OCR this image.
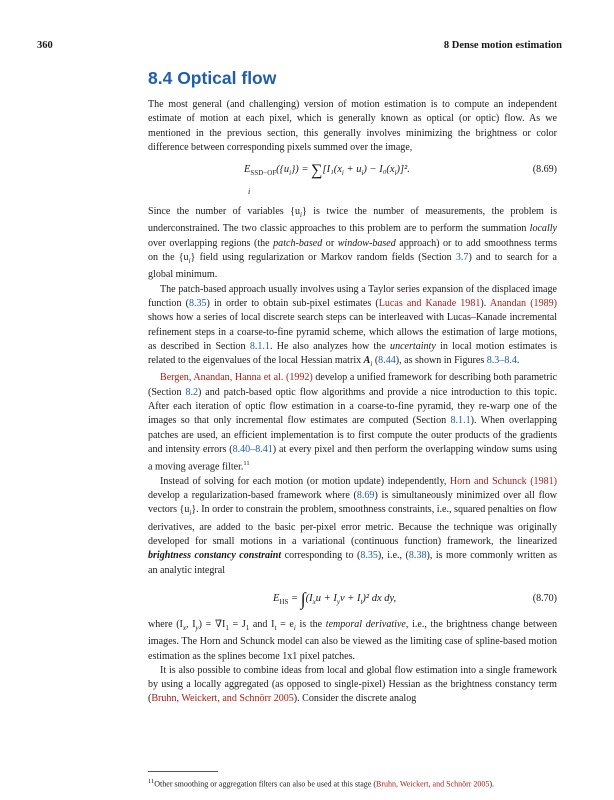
360	8 Dense motion estimation
8.4 Optical flow

The most general (and challenging) version of motion estimation is to compute an independent estimate of motion at each pixel, which is generally known as optical (or optic) flow. As we mentioned in the previous section, this generally involves minimizing the brightness or color difference between corresponding pixels summed over the image,

$E_{SSD-OF}(\{u_i\}) = \sum[I_1(x_i + u_i) - I_0(x_i)]^2$.
i
(8.69)

Since the number of variables $\{u_i\}$ is twice the number of measurements, the problem is underconstrained. The two classic approaches to this problem are to perform the summation locally over overlapping regions (the patch-based or window-based approach) or to add smoothness terms on the $\{u_i\}$ field using regularization or Markov random fields (Section 3.7) and to search for a global minimum.

The patch-based approach usually involves using a Taylor series expansion of the displaced image function (8.35) in order to obtain sub-pixel estimates (Lucas and Kanade 1981). Anandan (1989) shows how a series of local discrete search steps can be interleaved with Lucas–Kanade incremental refinement steps in a coarse-to-fine pyramid scheme, which allows the estimation of large motions, as described in Section 8.1.1. He also analyzes how the uncertainty in local motion estimates is related to the eigenvalues of the local Hessian matrix $A_i$ (8.44), as shown in Figures 8.3–8.4.

Bergen, Anandan, Hanna et al. (1992) develop a unified framework for describing both parametric (Section 8.2) and patch-based optic flow algorithms and provide a nice introduction to this topic. After each iteration of optic flow estimation in a coarse-to-fine pyramid, they re-warp one of the images so that only incremental flow estimates are computed (Section 8.1.1). When overlapping patches are used, an efficient implementation is to first compute the outer products of the gradients and intensity errors (8.40–8.41) at every pixel and then perform the overlapping window sums using a moving average filter.$^{11}$

Instead of solving for each motion (or motion update) independently, Horn and Schunck (1981) develop a regularization-based framework where (8.69) is simultaneously minimized over all flow vectors $\{u_i\}$. In order to constrain the problem, smoothness constraints, i.e., squared penalties on flow derivatives, are added to the basic per-pixel error metric. Because the technique was originally developed for small motions in a variational (continuous function) framework, the linearized brightness constancy constraint corresponding to (8.35), i.e., (8.38), is more commonly written as an analytic integral

$E_{HS} = \int(I_xu + I_yv + I_t)^2$ dx dy,	(8.70)

where ($I_x$, $I_y) = \nabla I_1 = J_1$ and $I_t = e_i$ is the temporal derivative, i.e., the brightness change between images. The Horn and Schunck model can also be viewed as the limiting case of spline-based motion estimation as the splines become 1x1 pixel patches.

It is also possible to combine ideas from local and global flow estimation into a single framework by using a locally aggregated (as opposed to single-pixel) Hessian as the brightness constancy term (Bruhn, Weickert, and Schnörr 2005). Consider the discrete analog

$^{11}$Other smoothing or aggregation filters can also be used at this stage (Bruhn, Weickert, and Schnörr 2005).
